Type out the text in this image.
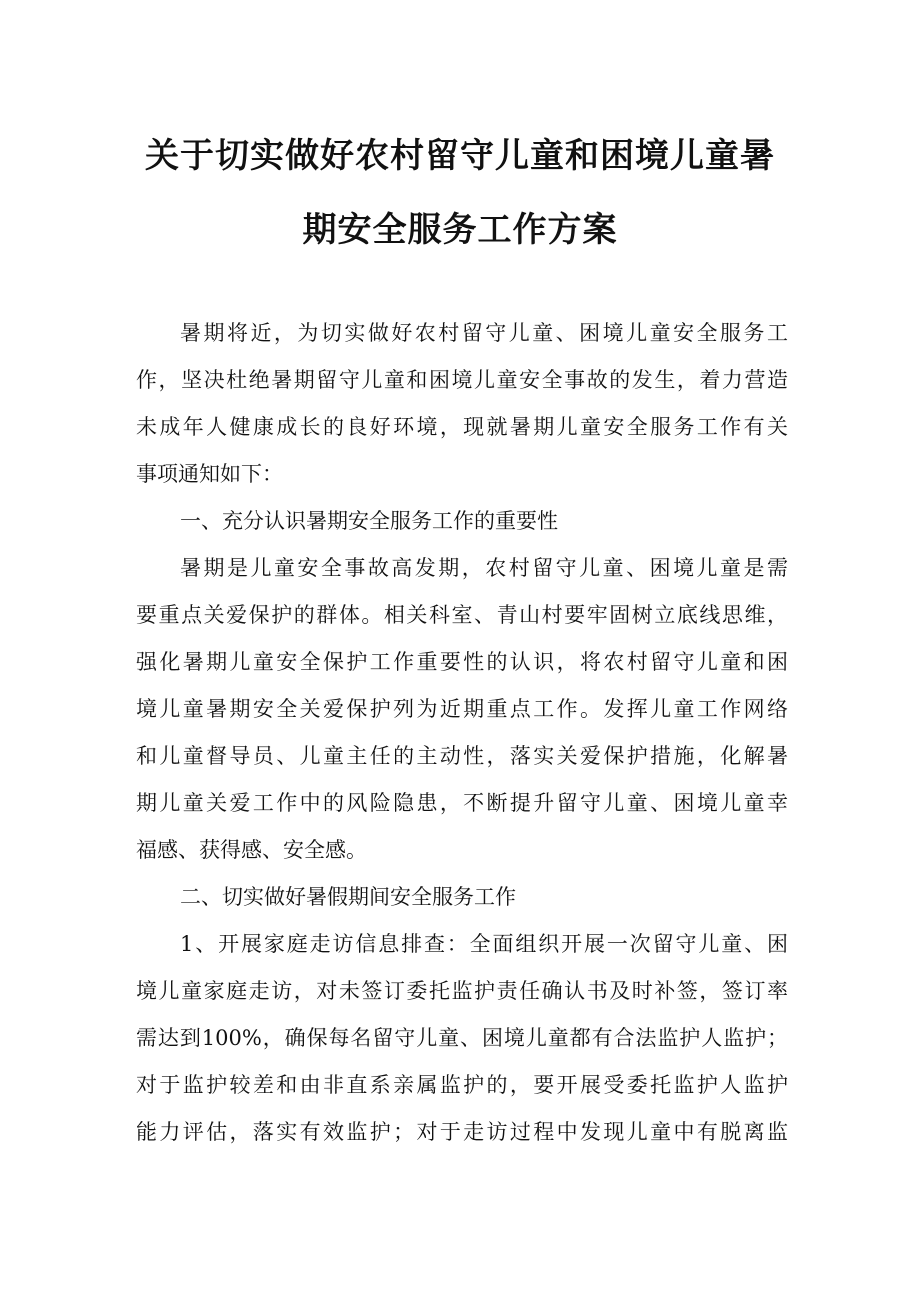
关于切实做好农村留守儿童和困境儿童暑
期安全服务工作方案
暑期将近，为切实做好农村留守儿童、困境儿童安全服务工
作，坚决杜绝暑期留守儿童和困境儿童安全事故的发生，着力营造
未成年人健康成长的良好环境，现就暑期儿童安全服务工作有关
事项通知如下：
一、充分认识暑期安全服务工作的重要性
暑期是儿童安全事故高发期，农村留守儿童、困境儿童是需
要重点关爱保护的群体。相关科室、青山村要牢固树立底线思维，
强化暑期儿童安全保护工作重要性的认识，将农村留守儿童和困
境儿童暑期安全关爱保护列为近期重点工作。发挥儿童工作网络
和儿童督导员、儿童主任的主动性，落实关爱保护措施，化解暑
期儿童关爱工作中的风险隐患，不断提升留守儿童、困境儿童幸
福感、获得感、安全感。
二、切实做好暑假期间安全服务工作
1、开展家庭走访信息排查：全面组织开展一次留守儿童、困
境儿童家庭走访，对未签订委托监护责任确认书及时补签，签订率
需达到100%，确保每名留守儿童、困境儿童都有合法监护人监护；
对于监护较差和由非直系亲属监护的，要开展受委托监护人监护
能力评估，落实有效监护；对于走访过程中发现儿童中有脱离监
